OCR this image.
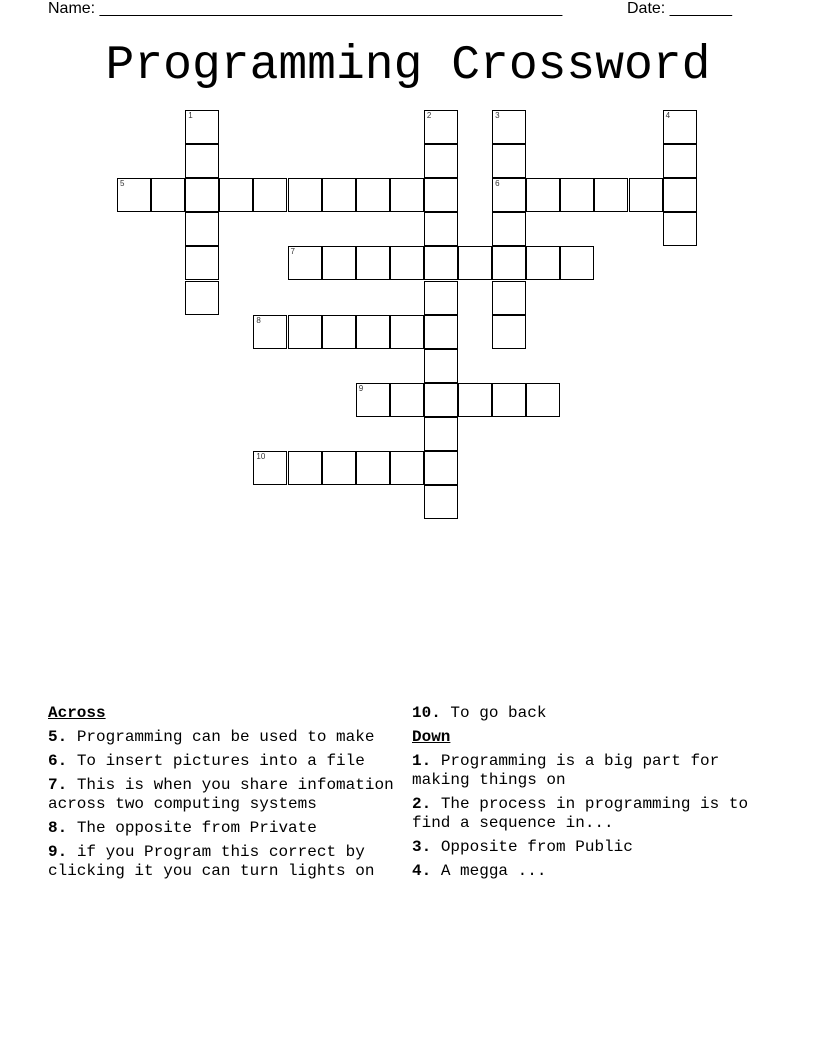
Name: ____________________________________________________	Date: _______
Programming Crossword
1	2	3
6
4
5
7
8
9
10
Across
5. Programming can be used to make
6. To insert pictures into a file
7. This is when you share infomation across two computing systems
8. The opposite from Private
9. if you Program this correct by clicking it you can turn lights on
10. To go back
Down
1. Programming is a big part for making things on
2. The process in programming is to find a sequence in...
3. Opposite from Public
4. A megga ...
